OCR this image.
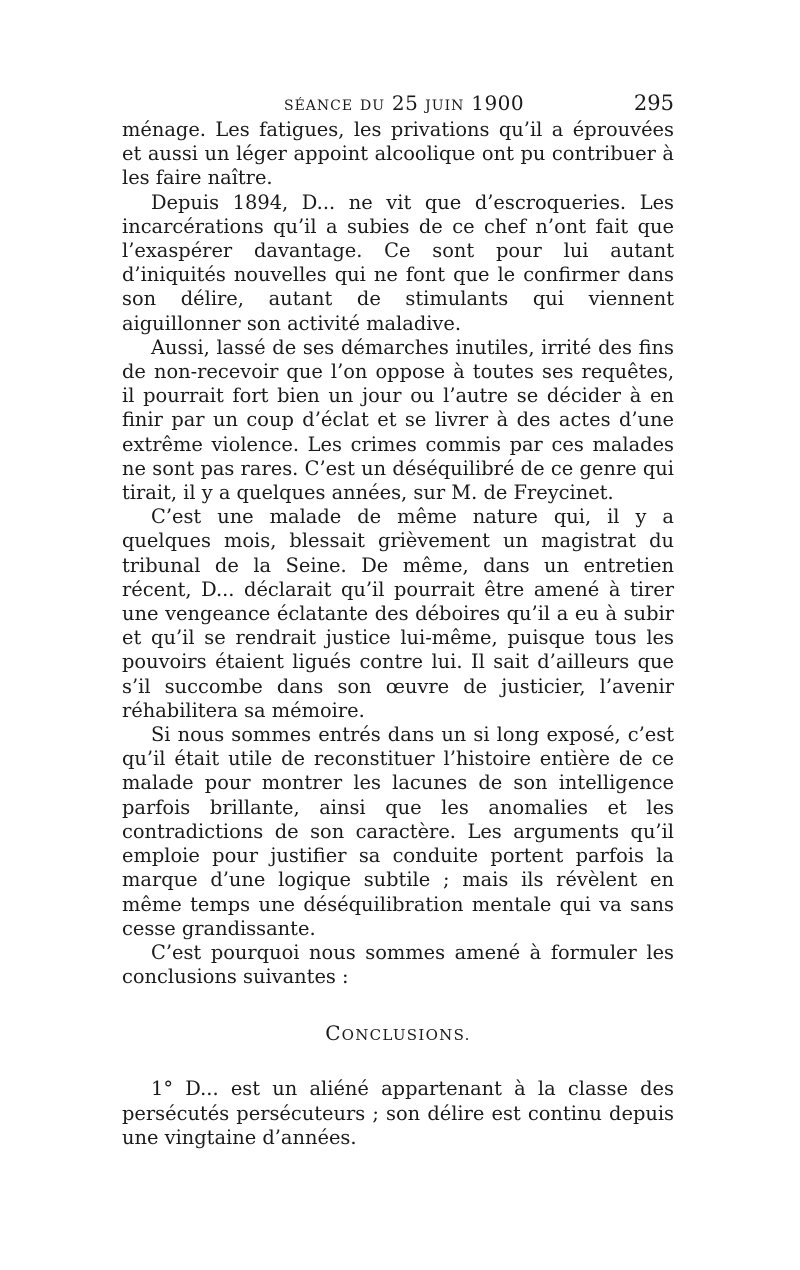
SÉANCE DU 25 JUIN 1900	295

ménage. Les fatigues, les privations qu’il a éprouvées et aussi un léger appoint alcoolique ont pu contribuer à les faire naître.

Depuis 1894, D... ne vit que d’escroqueries. Les incarcérations qu’il a subies de ce chef n’ont fait que l’exaspérer davantage. Ce sont pour lui autant d’iniquités nouvelles qui ne font que le confirmer dans son délire, autant de stimulants qui viennent aiguillonner son activité maladive.

Aussi, lassé de ses démarches inutiles, irrité des fins de non-recevoir que l’on oppose à toutes ses requêtes, il pourrait fort bien un jour ou l’autre se décider à en finir par un coup d’éclat et se livrer à des actes d’une extrême violence. Les crimes commis par ces malades ne sont pas rares. C’est un déséquilibré de ce genre qui tirait, il y a quelques années, sur M. de Freycinet.

C’est une malade de même nature qui, il y a quelques mois, blessait grièvement un magistrat du tribunal de la Seine. De même, dans un entretien récent, D... déclarait qu’il pourrait être amené à tirer une vengeance éclatante des déboires qu’il a eu à subir et qu’il se rendrait justice lui-même, puisque tous les pouvoirs étaient ligués contre lui. Il sait d’ailleurs que s’il succombe dans son œuvre de justicier, l’avenir réhabilitera sa mémoire.

Si nous sommes entrés dans un si long exposé, c’est qu’il était utile de reconstituer l’histoire entière de ce malade pour montrer les lacunes de son intelligence parfois brillante, ainsi que les anomalies et les contradictions de son caractère. Les arguments qu’il emploie pour justifier sa conduite portent parfois la marque d’une logique subtile ; mais ils révèlent en même temps une déséquilibration mentale qui va sans cesse grandissante.

C’est pourquoi nous sommes amené à formuler les conclusions suivantes :

CONCLUSIONS.

1° D... est un aliéné appartenant à la classe des persécutés persécuteurs ; son délire est continu depuis une vingtaine d’années.
